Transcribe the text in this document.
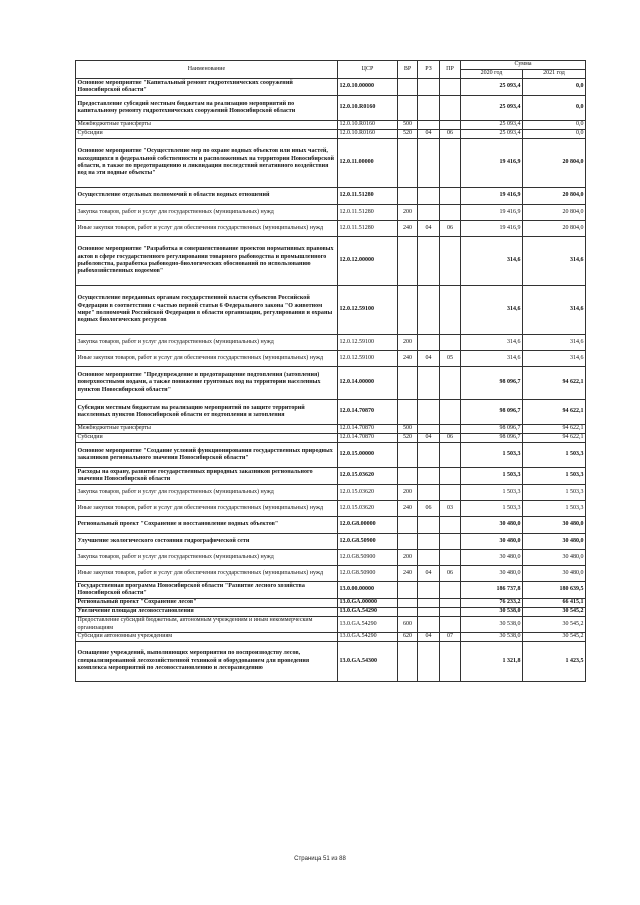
Наименование	ЦСР	ВР	РЗ	ПР	Сумма	
					2020 год	2021 год
Основное мероприятие "Капитальный ремонт гидротехнических сооружений Новосибирской области"	12.0.10.00000				25 093,4	0,0
Предоставление субсидий местным бюджетам на реализацию мероприятий по капитальному ремонту гидротехнических сооружений Новосибирской области	12.0.10.R0160				25 093,4	0,0
Межбюджетные трансферты	12.0.10.R0160	500			25 093,4	0,0
Субсидии	12.0.10.R0160	520	04	06	25 093,4	0,0
Основное мероприятие "Осуществление мер по охране водных объектов или иных частей, находящихся в федеральной собственности и расположенных на территории Новосибирской области, в также по предотвращению и ликвидации последствий негативного воздействия вод на эти водные объекты"	12.0.11.00000				19 416,9	20 804,0
Осуществление отдельных полномочий в области водных отношений	12.0.11.51280				19 416,9	20 804,0
Закупка товаров, работ и услуг для государственных (муниципальных) нужд	12.0.11.51280	200			19 416,9	20 804,0
Иные закупки товаров, работ и услуг для обеспечения государственных (муниципальных) нужд	12.0.11.51280	240	04	06	19 416,9	20 804,0
Основное мероприятие "Разработка и совершенствование проектов нормативных правовых актов в сфере государственного регулирования товарного рыбоводства и промышленного рыболовства, разработка рыбоводно-биологических обоснований по использованию рыбохозяйственных водоемов"	12.0.12.00000				314,6	314,6
Осуществление переданных органам государственной власти субъектов Российской Федерации в соответствии с частью первой статьи 6 Федерального закона "О животном мире" полномочий Российской Федерации в области организации, регулирования и охраны водных биологических ресурсов	12.0.12.59100				314,6	314,6
Закупка товаров, работ и услуг для государственных (муниципальных) нужд	12.0.12.59100	200			314,6	314,6
Иные закупки товаров, работ и услуг для обеспечения государственных (муниципальных) нужд	12.0.12.59100	240	04	05	314,6	314,6
Основное мероприятие "Предупреждение и предотвращение подтопления (затопления) поверхностными водами, а также понижение грунтовых вод на территории населенных пунктов Новосибирской области"	12.0.14.00000				98 096,7	94 622,1
Субсидии местным бюджетам на реализацию мероприятий по защите территорий населенных пунктов Новосибирской области от подтопления и затопления	12.0.14.70870				98 096,7	94 622,1
Межбюджетные трансферты	12.0.14.70870	500			98 096,7	94 622,1
Субсидии	12.0.14.70870	520	04	06	98 096,7	94 622,1
Основное мероприятие "Создание условий функционирования государственных природных заказников регионального значения Новосибирской области"	12.0.15.00000				1 503,3	1 503,3
Расходы на охрану, развитие государственных природных заказников регионального значения Новосибирской области	12.0.15.03620				1 503,3	1 503,3
Закупка товаров, работ и услуг для государственных (муниципальных) нужд	12.0.15.03620	200			1 503,3	1 503,3
Иные закупки товаров, работ и услуг для обеспечения государственных (муниципальных) нужд	12.0.15.03620	240	06	03	1 503,3	1 503,3
Региональный проект "Сохранение и восстановление водных объектов"	12.0.G8.00000				30 480,0	30 480,0
Улучшение экологического состояния гидрографической сети	12.0.G8.50900				30 480,0	30 480,0
Закупка товаров, работ и услуг для государственных (муниципальных) нужд	12.0.G8.50900	200			30 480,0	30 480,0
Иные закупки товаров, работ и услуг для обеспечения государственных (муниципальных) нужд	12.0.G8.50900	240	04	06	30 480,0	30 480,0
Государственная программа Новосибирской области "Развитие лесного хозяйства Новосибирской области"	13.0.00.00000				186 737,8	180 639,5
Региональный проект "Сохранение лесов"	13.0.GA.00000				76 233,2	66 415,1
Увеличение площади лесовосстановления	13.0.GA.54290				30 538,0	30 545,2
Предоставление субсидий бюджетным, автономным учреждениям и иным некоммерческим организациям	13.0.GA.54290	600			30 538,0	30 545,2
Субсидии автономным учреждениям	13.0.GA.54290	620	04	07	30 538,0	30 545,2
Оснащение учреждений, выполняющих мероприятия по воспроизводству лесов, специализированной лесохозяйственной техникой и оборудованием для проведения комплекса мероприятий по лесовосстановлению и лесоразведению	13.0.GA.54300				1 321,8	1 423,5
Страница 51 из 88
